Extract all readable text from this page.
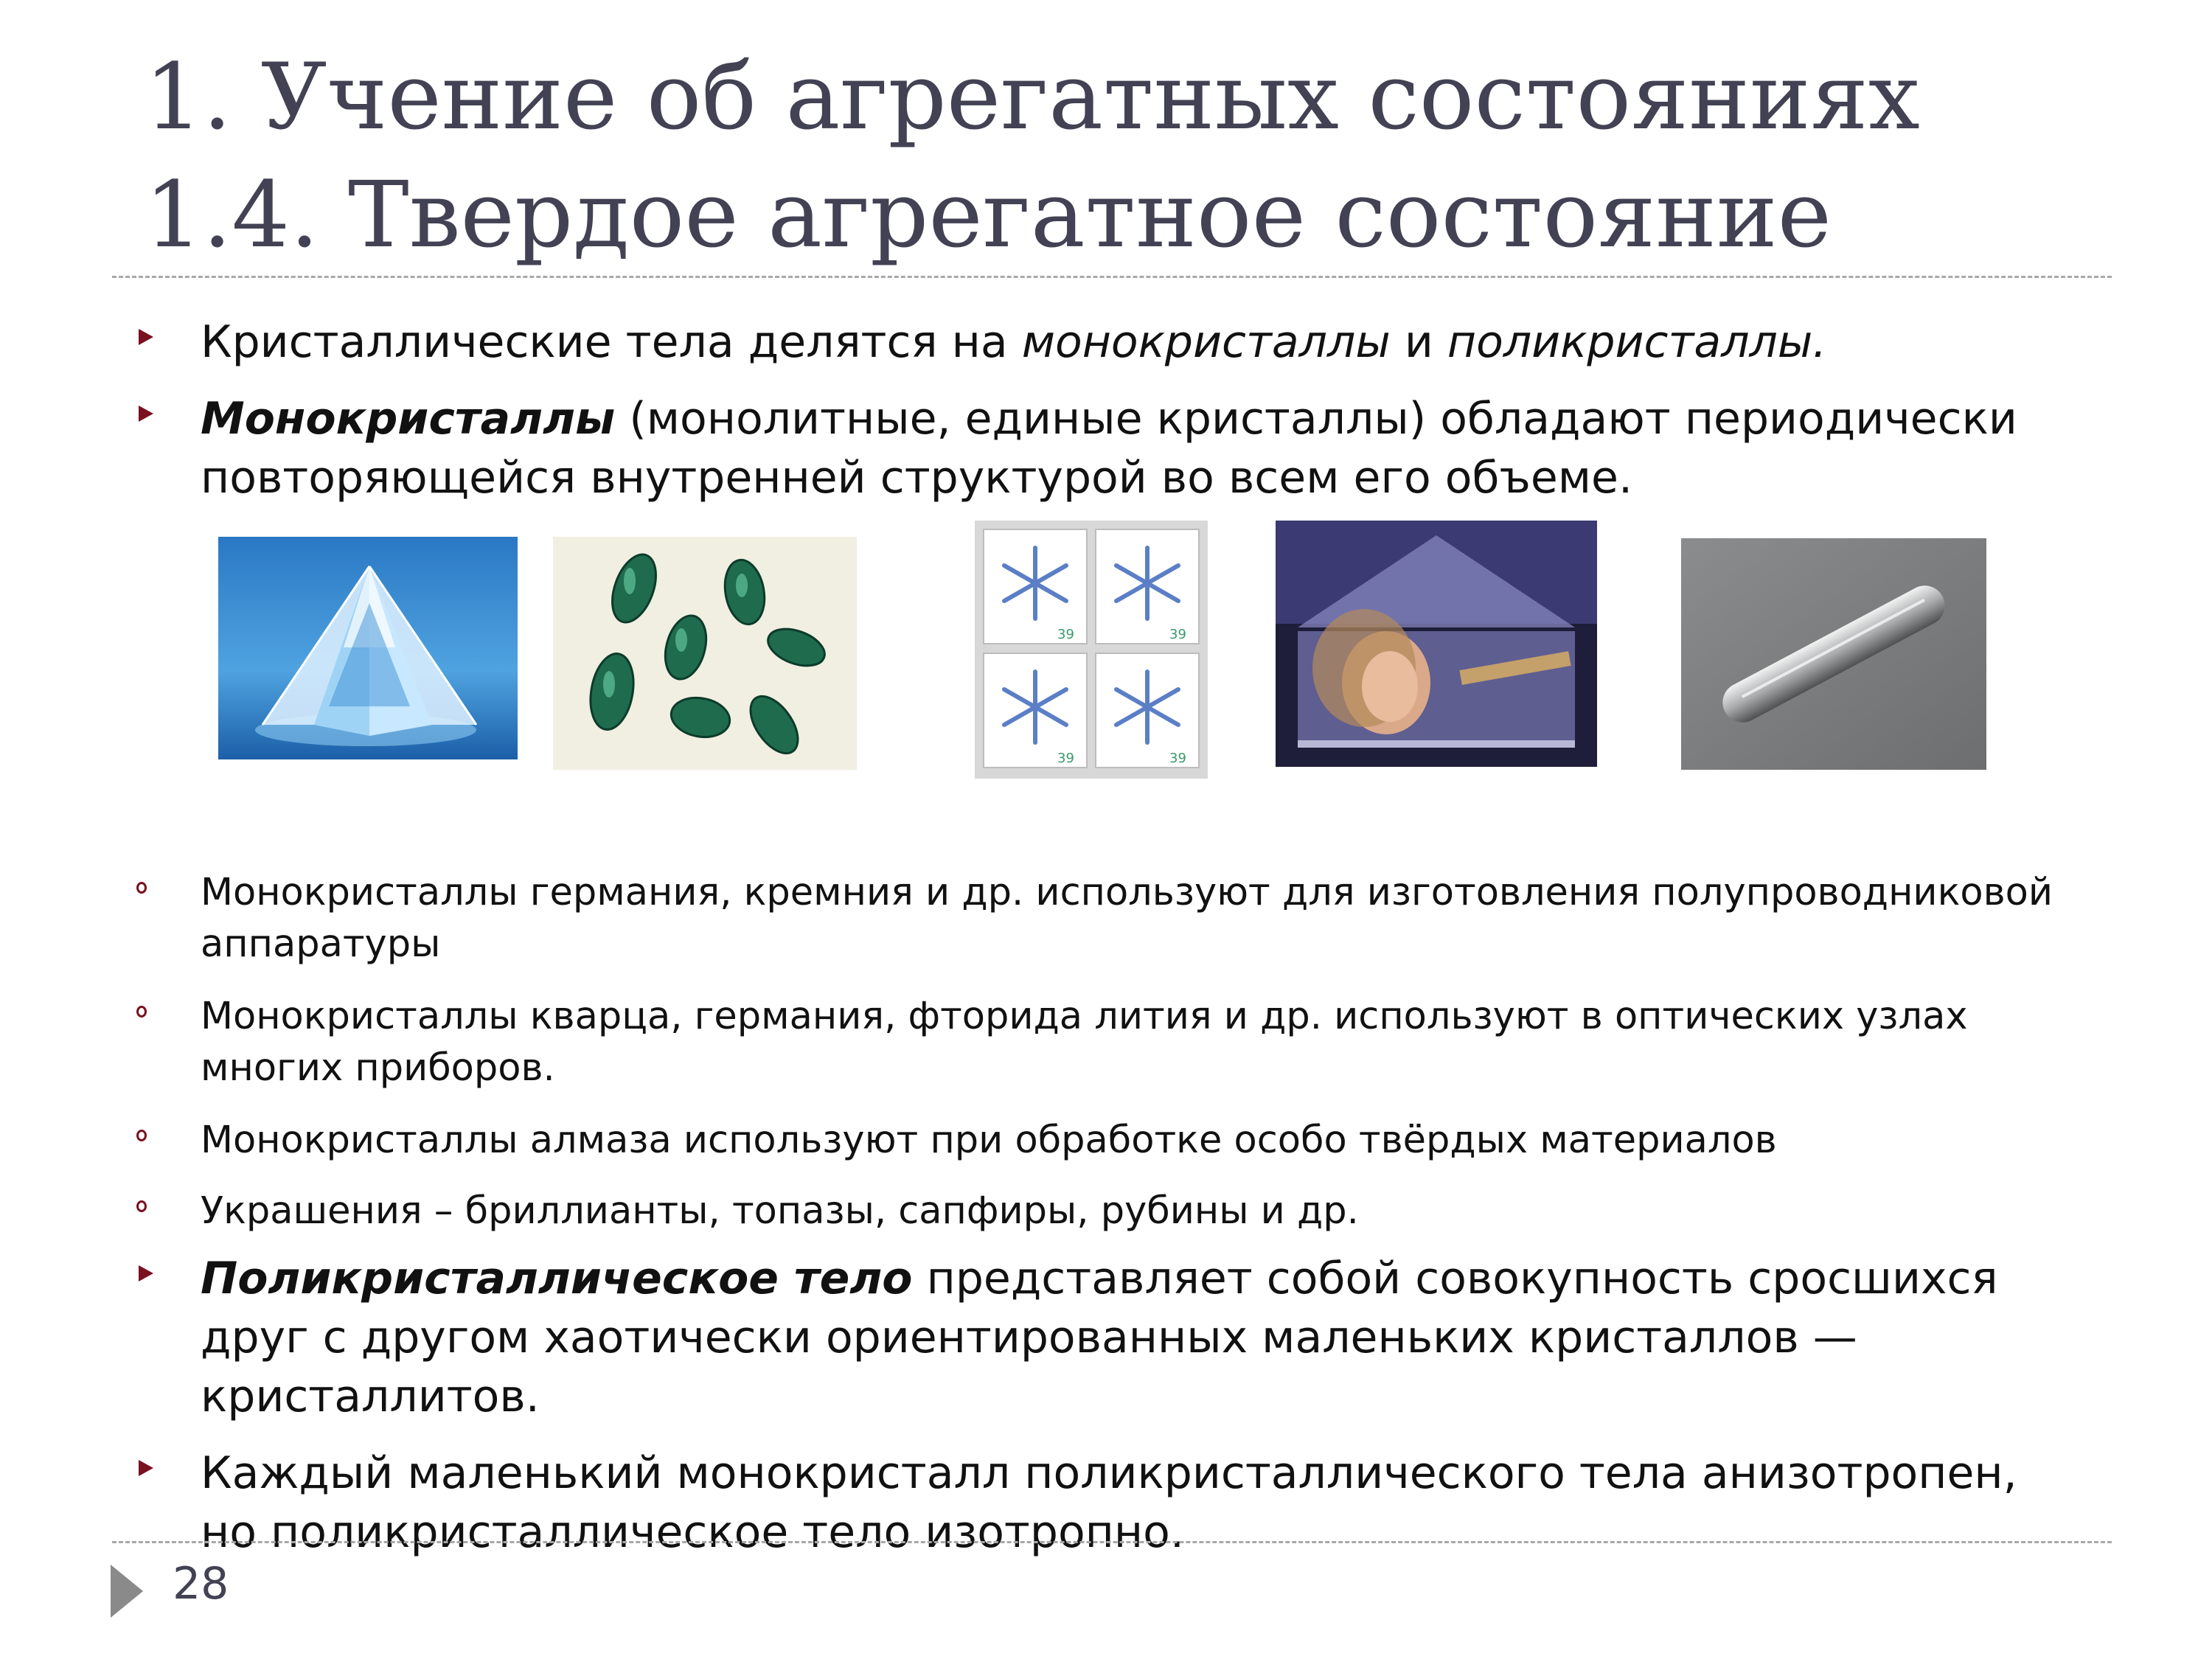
1. Учение об агрегатных состояниях
1.4. Твердое агрегатное состояние
Кристаллические тела делятся на монокристаллы и поликристаллы.
Монокристаллы (монолитные, единые кристаллы) обладают периодически повторяющейся внутренней структурой во всем его объеме.
39	39
39	39
Монокристаллы германия, кремния и др. используют для изготовления полупроводниковой аппаратуры
Монокристаллы кварца, германия, фторида лития и др. используют в оптических узлах многих приборов.
Монокристаллы алмаза используют при обработке особо твёрдых материалов
Украшения – бриллианты, топазы, сапфиры, рубины и др.
Поликристаллическое тело представляет собой совокупность сросшихся друг с другом хаотически ориентированных маленьких кристаллов — кристаллитов.
Каждый маленький монокристалл поликристаллического тела анизотропен, но поликристаллическое тело изотропно.
28
